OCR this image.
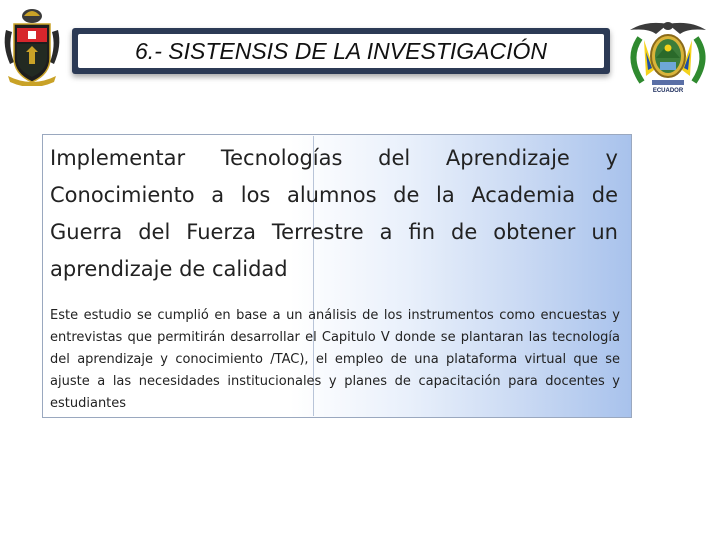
6.- SISTENSIS DE LA INVESTIGACIÓN
ECUADOR

Implementar Tecnologías del Aprendizaje y Conocimiento a los alumnos de la Academia de Guerra del Fuerza Terrestre a fin de obtener un aprendizaje de calidad

Este estudio se cumplió en base a un análisis de los instrumentos como encuestas y entrevistas que permitirán desarrollar el Capitulo V donde se plantaran las tecnología del aprendizaje y conocimiento /TAC), el empleo de una plataforma virtual que se ajuste a las necesidades institucionales y planes de capacitación para docentes y estudiantes
